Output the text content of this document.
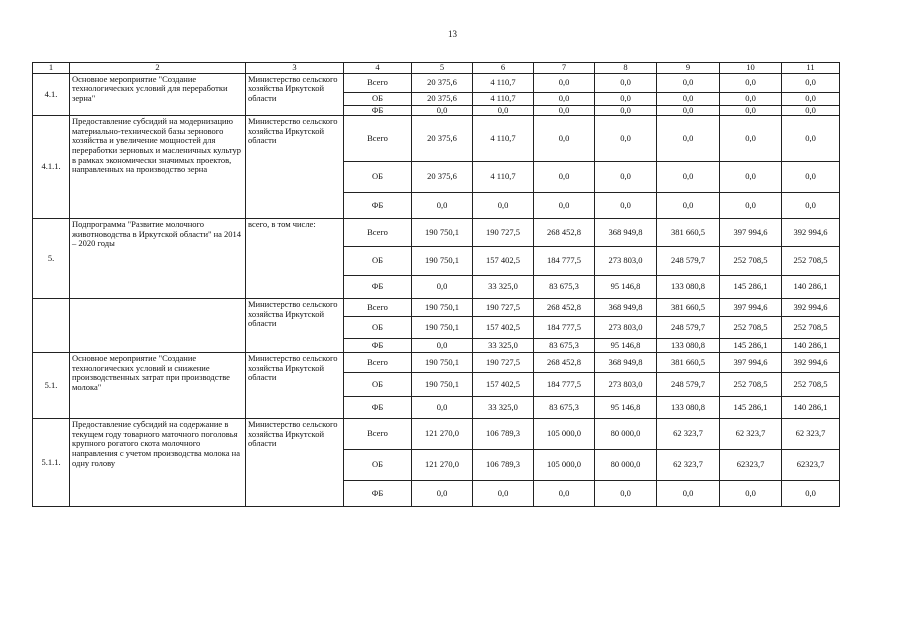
13
1	2	3	4	5	6	7	8	9	10	11
4.1.	Основное мероприятие "Создание технологических условий для переработки зерна"	Министерство сельского хозяйства Иркутской области	Всего	20 375,6	4 110,7	0,0	0,0	0,0	0,0	0,0
			ОБ	20 375,6	4 110,7	0,0	0,0	0,0	0,0	0,0
			ФБ	0,0	0,0	0,0	0,0	0,0	0,0	0,0
4.1.1.	Предоставление субсидий на модернизацию материально-технической базы зернового хозяйства и увеличение мощностей для переработки зерновых и масленичных культур в рамках экономически значимых проектов, направленных на производство зерна	Министерство сельского хозяйства Иркутской области	Всего	20 375,6	4 110,7	0,0	0,0	0,0	0,0	0,0
			ОБ	20 375,6	4 110,7	0,0	0,0	0,0	0,0	0,0
			ФБ	0,0	0,0	0,0	0,0	0,0	0,0	0,0
5.	Подпрограмма "Развитие молочного животноводства в Иркутской области" на 2014 – 2020 годы	всего, в том числе:	Всего	190 750,1	190 727,5	268 452,8	368 949,8	381 660,5	397 994,6	392 994,6
			ОБ	190 750,1	157 402,5	184 777,5	273 803,0	248 579,7	252 708,5	252 708,5
			ФБ	0,0	33 325,0	83 675,3	95 146,8	133 080,8	145 286,1	140 286,1
		Министерство сельского хозяйства Иркутской области	Всего	190 750,1	190 727,5	268 452,8	368 949,8	381 660,5	397 994,6	392 994,6
			ОБ	190 750,1	157 402,5	184 777,5	273 803,0	248 579,7	252 708,5	252 708,5
			ФБ	0,0	33 325,0	83 675,3	95 146,8	133 080,8	145 286,1	140 286,1
5.1.	Основное мероприятие "Создание технологических условий и снижение производственных затрат при производстве молока"	Министерство сельского хозяйства Иркутской области	Всего	190 750,1	190 727,5	268 452,8	368 949,8	381 660,5	397 994,6	392 994,6
			ОБ	190 750,1	157 402,5	184 777,5	273 803,0	248 579,7	252 708,5	252 708,5
			ФБ	0,0	33 325,0	83 675,3	95 146,8	133 080,8	145 286,1	140 286,1
5.1.1.	Предоставление субсидий на содержание в текущем году товарного маточного поголовья крупного рогатого скота молочного направления с учетом производства молока на одну голову	Министерство сельского хозяйства Иркутской области	Всего	121 270,0	106 789,3	105 000,0	80 000,0	62 323,7	62 323,7	62 323,7
			ОБ	121 270,0	106 789,3	105 000,0	80 000,0	62 323,7	62323,7	62323,7
			ФБ	0,0	0,0	0,0	0,0	0,0	0,0	0,0
